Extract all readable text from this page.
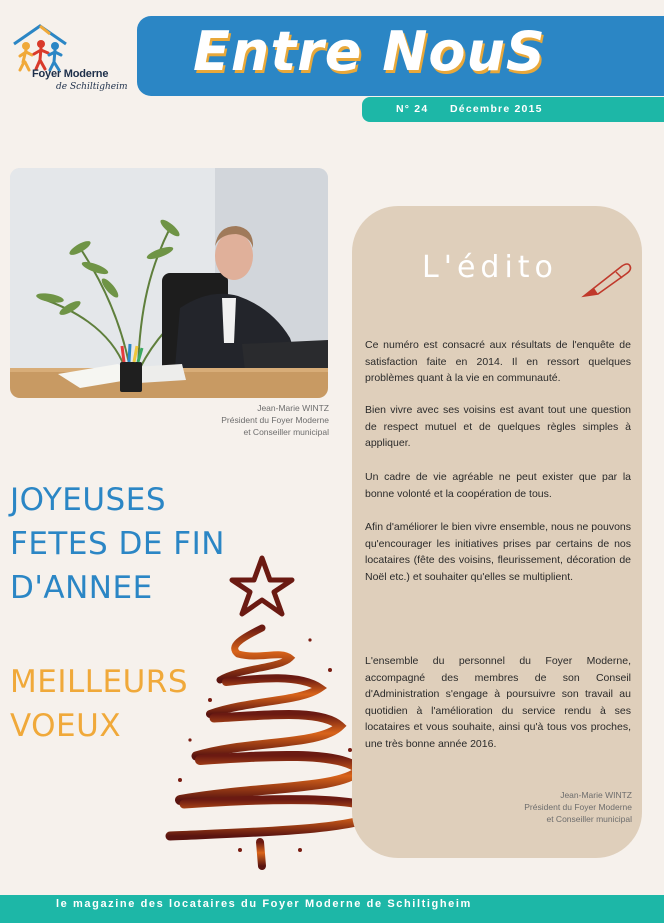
Foyer Moderne
de Schiltigheim
Entre NouS
N° 24 Décembre 2015
Jean-Marie WINTZ
Président du Foyer Moderne
et Conseiller municipal
JOYEUSES
FETES DE FIN
D'ANNEE
MEILLEURS
VOEUX
L'édito
Ce numéro est consacré aux résultats de l'enquête de satisfaction faite en 2014. Il en ressort quelques problèmes quant à la vie en communauté.
Bien vivre avec ses voisins est avant tout une question de respect mutuel et de quelques règles simples à appliquer.
Un cadre de vie agréable ne peut exister que par la bonne volonté et la coopération de tous.
Afin d'améliorer le bien vivre ensemble, nous ne pouvons qu'encourager les initiatives prises par certains de nos locataires (fête des voisins, fleurissement, décoration de Noël etc.) et souhaiter qu'elles se multiplient.
L'ensemble du personnel du Foyer Moderne, accompagné des membres de son Conseil d'Administration s'engage à poursuivre son travail au quotidien à l'amélioration du service rendu à ses locataires et vous souhaite, ainsi qu'à tous vos proches, une très bonne année 2016.
Jean-Marie WINTZ
Président du Foyer Moderne
et Conseiller municipal
le magazine des locataires du Foyer Moderne de Schiltigheim
